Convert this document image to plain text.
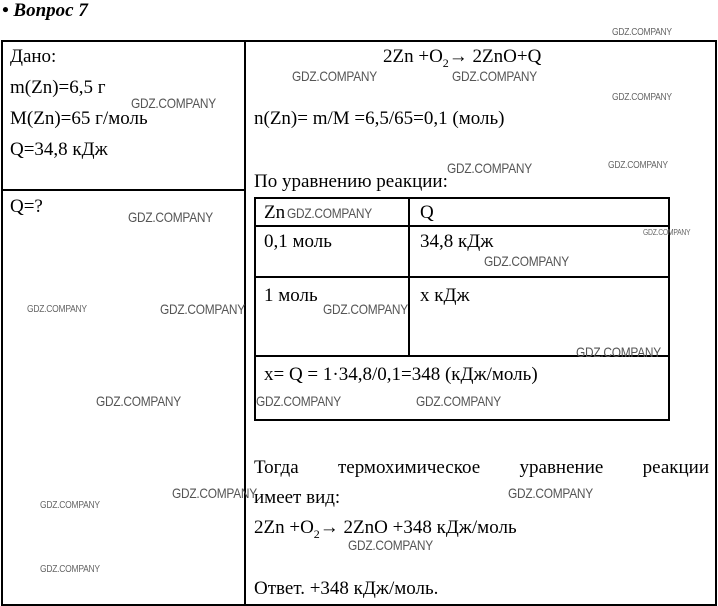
• Вопрос 7
Дано:
m(Zn)=6,5 г
M(Zn)=65 г/моль
Q=34,8 кДж
Q=?
$2Zn +O_2\to 2ZnO+Q$
n(Zn)= m/M =6,5/65=0,1 (моль)
По уравнению реакции:
Zn	Q
0,1 моль	34,8 кДж
1 моль	x кДж
x= Q = 1·34,8/0,1=348 (кДж/моль)
Тогда термохимическое уравнение реакции
имеет вид:
$2Zn +O_2\to 2ZnO +348$ кДж/моль
Ответ. +348 кДж/моль.
GDZ.COMPANY
GDZ.COMPANY	GDZ.COMPANY
GDZ.COMPANY	GDZ.COMPANY
GDZ.COMPANY	GDZ.COMPANY
GDZ.COMPANY	GDZ.COMPANY
GDZ.COMPANY
GDZ.COMPANY
GDZ.COMPANY	GDZ.COMPANY	GDZ.COMPANY
GDZ.COMPANY
GDZ.COMPANY	GDZ.COMPANY	GDZ.COMPANY
GDZ.COMPANY	GDZ.COMPANY
GDZ.COMPANY
GDZ.COMPANY
GDZ.COMPANY
